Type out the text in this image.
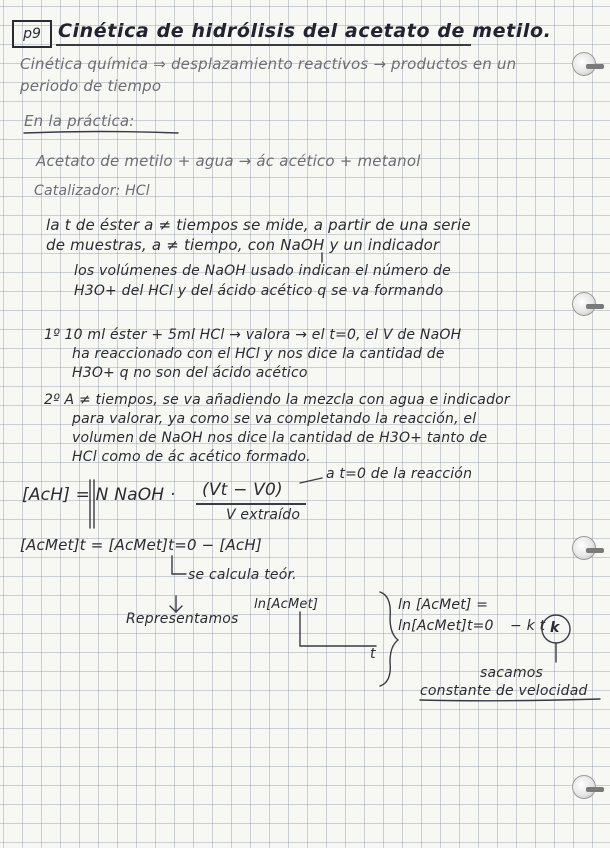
p9 Cinética de hidrólisis del acetato de metilo.
Cinética química ⇒ desplazamiento reactivos → productos en un
periodo de tiempo
En la práctica:
Acetato de metilo + agua → ác acético + metanol
Catalizador: HCl
la t de éster a ≠ tiempos se mide, a partir de una serie
de muestras, a ≠ tiempo, con NaOH y un indicador
los volúmenes de NaOH usado indican el número de
H3O+ del HCl y del ácido acético q se va formando
1º 10 ml éster + 5ml HCl → valora → el t=0, el V de NaOH
ha reaccionado con el HCl y nos dice la cantidad de
H3O+ q no son del ácido acético
2º A ≠ tiempos, se va añadiendo la mezcla con agua e indicador
para valorar, ya como se va completando la reacción, el
volumen de NaOH nos dice la cantidad de H3O+ tanto de
HCl como de ác acético formado.
[AcH] = N NaOH · (Vt − V0)
V extraído
a t=0 de la reacción
[AcMet]t = [AcMet]t=0 − [AcH]
se calcula teór.
Representamos
ln[AcMet]
t
ln [AcMet] =
ln[AcMet]t=0 − k t k
sacamos
constante de velocidad
